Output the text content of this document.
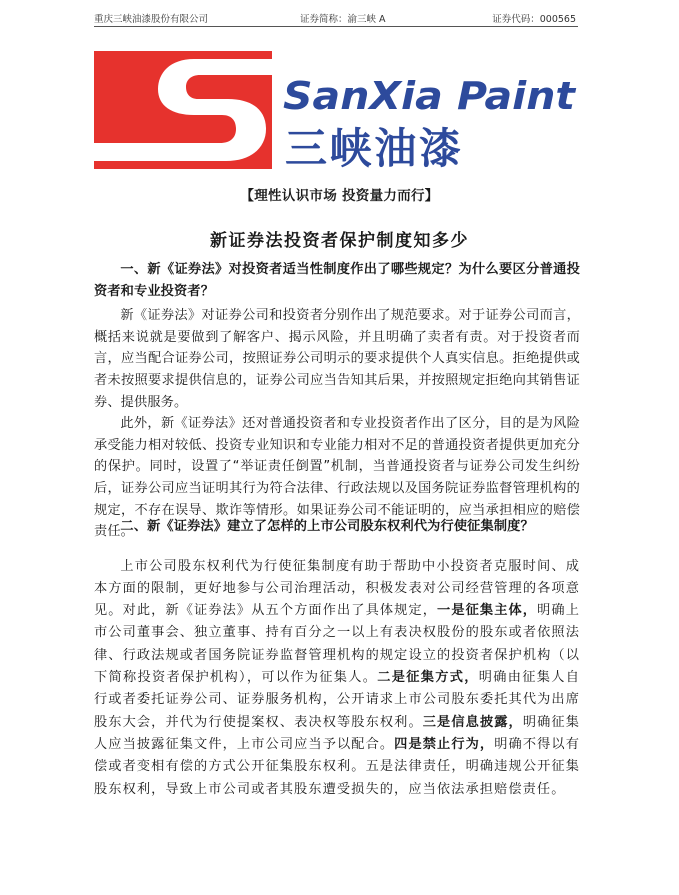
重庆三峡油漆股份有限公司	证券简称：渝三峡 A	证券代码：000565
SanXia Paint
三峡油漆
【理性认识市场 投资量力而行】
新证券法投资者保护制度知多少

一、新《证券法》对投资者适当性制度作出了哪些规定？为什么要区分普通投资者和专业投资者？

新《证券法》对证券公司和投资者分别作出了规范要求。对于证券公司而言，概括来说就是要做到了解客户、揭示风险，并且明确了卖者有责。对于投资者而言，应当配合证券公司，按照证券公司明示的要求提供个人真实信息。拒绝提供或者未按照要求提供信息的，证券公司应当告知其后果，并按照规定拒绝向其销售证券、提供服务。

此外，新《证券法》还对普通投资者和专业投资者作出了区分，目的是为风险承受能力相对较低、投资专业知识和专业能力相对不足的普通投资者提供更加充分的保护。同时，设置了“举证责任倒置”机制，当普通投资者与证券公司发生纠纷后，证券公司应当证明其行为符合法律、行政法规以及国务院证券监督管理机构的规定，不存在误导、欺诈等情形。如果证券公司不能证明的，应当承担相应的赔偿责任。

二、新《证券法》建立了怎样的上市公司股东权利代为行使征集制度？

上市公司股东权利代为行使征集制度有助于帮助中小投资者克服时间、成本方面的限制，更好地参与公司治理活动，积极发表对公司经营管理的各项意见。对此，新《证券法》从五个方面作出了具体规定，一是征集主体，明确上市公司董事会、独立董事、持有百分之一以上有表决权股份的股东或者依照法律、行政法规或者国务院证券监督管理机构的规定设立的投资者保护机构（以下简称投资者保护机构），可以作为征集人。二是征集方式，明确由征集人自行或者委托证券公司、证券服务机构，公开请求上市公司股东委托其代为出席股东大会，并代为行使提案权、表决权等股东权利。三是信息披露，明确征集人应当披露征集文件，上市公司应当予以配合。四是禁止行为，明确不得以有偿或者变相有偿的方式公开征集股东权利。五是法律责任，明确违规公开征集股东权利，导致上市公司或者其股东遭受损失的，应当依法承担赔偿责任。
